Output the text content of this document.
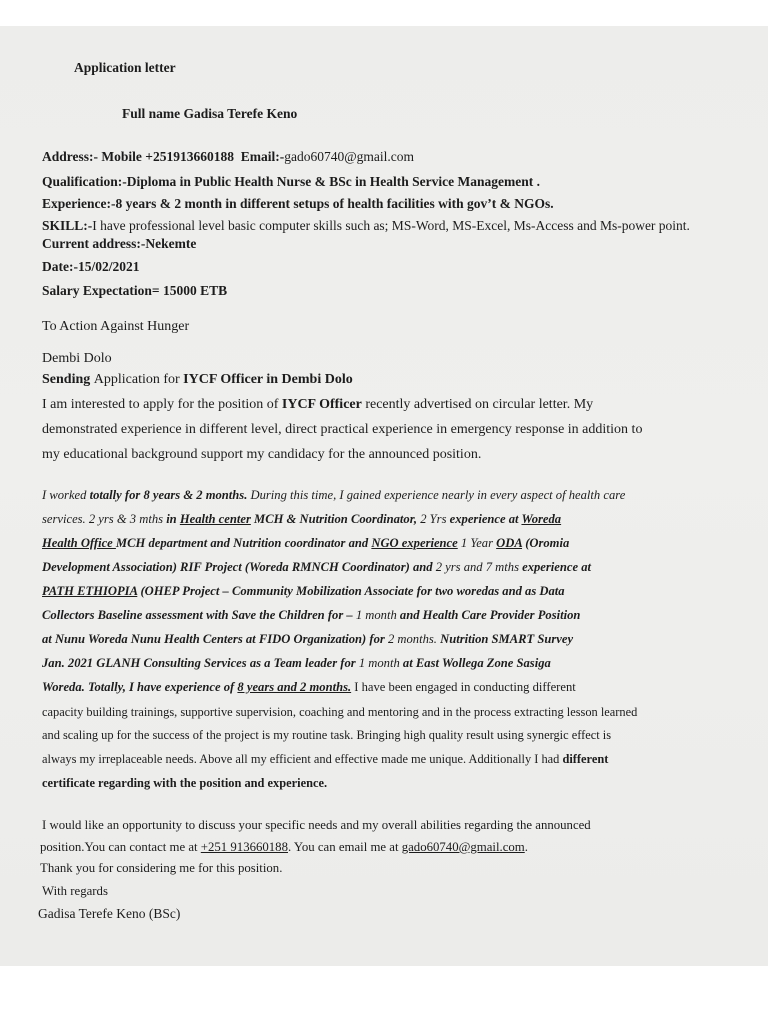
Application letter
Full name Gadisa Terefe Keno
Address:- Mobile +251913660188 Email:-gado60740@gmail.com
Qualification:-Diploma in Public Health Nurse & BSc in Health Service Management .
Experience:-8 years & 2 month in different setups of health facilities with gov’t & NGOs.
SKILL:-I have professional level basic computer skills such as; MS-Word, MS-Excel, Ms-Access and Ms-power point.
Current address:-Nekemte
Date:-15/02/2021
Salary Expectation= 15000 ETB
To Action Against Hunger
Dembi Dolo
Sending Application for IYCF Officer in Dembi Dolo
I am interested to apply for the position of IYCF Officer recently advertised on circular letter. My
demonstrated experience in different level, direct practical experience in emergency response in addition to
my educational background support my candidacy for the announced position.
I worked totally for 8 years & 2 months. During this time, I gained experience nearly in every aspect of health care
services. 2 yrs & 3 mths in Health center MCH & Nutrition Coordinator, 2 Yrs experience at Woreda
Health Office MCH department and Nutrition coordinator and NGO experience 1 Year ODA (Oromia
Development Association) RIF Project (Woreda RMNCH Coordinator) and 2 yrs and 7 mths experience at
PATH ETHIOPIA (OHEP Project – Community Mobilization Associate for two woredas and as Data
Collectors Baseline assessment with Save the Children for – 1 month and Health Care Provider Position
at Nunu Woreda Nunu Health Centers at FIDO Organization) for 2 months. Nutrition SMART Survey
Jan. 2021 GLANH Consulting Services as a Team leader for 1 month at East Wollega Zone Sasiga
Woreda. Totally, I have experience of 8 years and 2 months. I have been engaged in conducting different
capacity building trainings, supportive supervision, coaching and mentoring and in the process extracting lesson learned
and scaling up for the success of the project is my routine task. Bringing high quality result using synergic effect is
always my irreplaceable needs. Above all my efficient and effective made me unique. Additionally I had different
certificate regarding with the position and experience.
I would like an opportunity to discuss your specific needs and my overall abilities regarding the announced
position.You can contact me at +251 913660188. You can email me at gado60740@gmail.com.
Thank you for considering me for this position.
With regards
Gadisa Terefe Keno (BSc)
